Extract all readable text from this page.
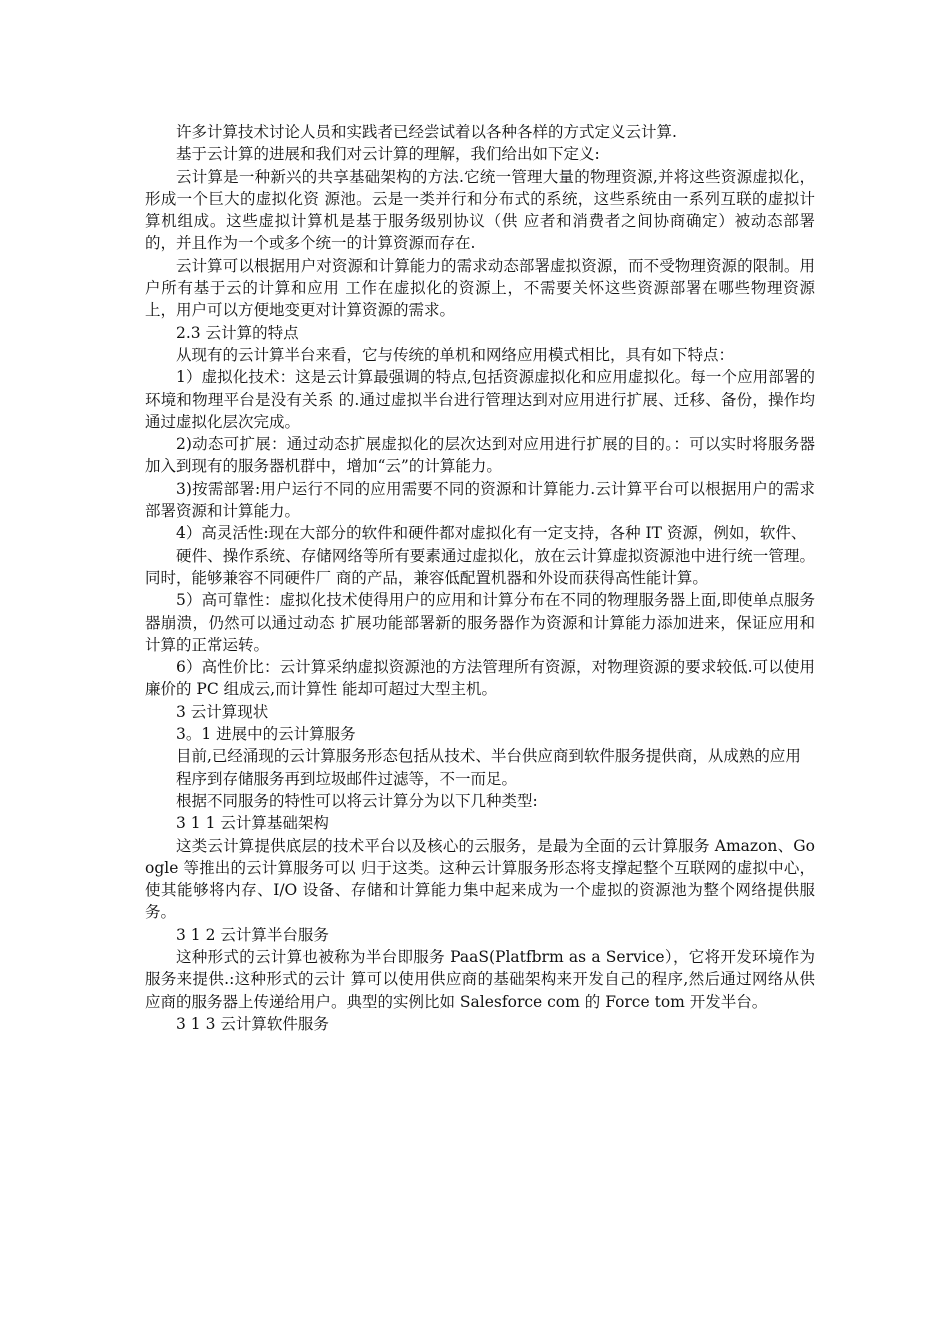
许多计算技术讨论人员和实践者已经尝试着以各种各样的方式定义云计算.

基于云计算的进展和我们对云计算的理解，我们给出如下定义:

云计算是一种新兴的共享基础架构的方法.它统一管理大量的物理资源,并将这些资源虚拟化，形成一个巨大的虚拟化资 源池。云是一类并行和分布式的系统，这些系统由一系列互联的虚拟计算机组成。这些虚拟计算机是基于服务级别协议（供 应者和消费者之间协商确定）被动态部署的，并且作为一个或多个统一的计算资源而存在.

云计算可以根据用户对资源和计算能力的需求动态部署虚拟资源，而不受物理资源的限制。用户所有基于云的计算和应用 工作在虚拟化的资源上，不需要关怀这些资源部署在哪些物理资源上，用户可以方便地变更对计算资源的需求。

2.3 云计算的特点

从现有的云计算半台来看，它与传统的单机和网络应用模式相比，具有如下特点：

1）虚拟化技术：这是云计算最强调的特点,包括资源虚拟化和应用虚拟化。每一个应用部署的环境和物理平台是没有关系 的.通过虚拟半台进行管理达到对应用进行扩展、迁移、备份，操作均通过虚拟化层次完成。

2)动态可扩展：通过动态扩展虚拟化的层次达到对应用进行扩展的目的。：可以实时将服务器加入到现有的服务器机群中，增加“云”的计算能力。

3)按需部署:用户运行不同的应用需要不同的资源和计算能力.云计算平台可以根据用户的需求部署资源和计算能力。

4）高灵活性:现在大部分的软件和硬件都对虚拟化有一定支持，各种 IT 资源，例如，软件、

硬件、操作系统、存储网络等所有要素通过虚拟化，放在云计算虚拟资源池中进行统一管理。同时，能够兼容不同硬件厂 商的产品，兼容低配置机器和外设而获得高性能计算。

5）高可靠性：虚拟化技术使得用户的应用和计算分布在不同的物理服务器上面,即使单点服务器崩溃，仍然可以通过动态 扩展功能部署新的服务器作为资源和计算能力添加进来，保证应用和计算的正常运转。

6）高性价比：云计算采纳虚拟资源池的方法管理所有资源，对物理资源的要求较低.可以使用廉价的 PC 组成云,而计算性 能却可超过大型主机。

3 云计算现状

3。1 进展中的云计算服务

目前,已经涌现的云计算服务形态包括从技术、半台供应商到软件服务提供商，从成熟的应用

程序到存储服务再到垃圾邮件过滤等，不一而足。

根据不同服务的特性可以将云计算分为以下几种类型:

3 1 1 云计算基础架构

这类云计算提供底层的技术平台以及核心的云服务，是最为全面的云计算服务 Amazon、Google 等推出的云计算服务可以 归于这类。这种云计算服务形态将支撑起整个互联网的虚拟中心，使其能够将内存、I/O 设备、存储和计算能力集中起来成为一个虚拟的资源池为整个网络提供服务。

3 1 2 云计算半台服务

这种形式的云计算也被称为半台即服务 PaaS(Platfbrm as a Service），它将开发环境作为服务来提供.:这种形式的云计 算可以使用供应商的基础架构来开发自己的程序,然后通过网络从供应商的服务器上传递给用户。典型的实例比如 Salesforce com 的 Force tom 开发半台。

3 1 3 云计算软件服务
